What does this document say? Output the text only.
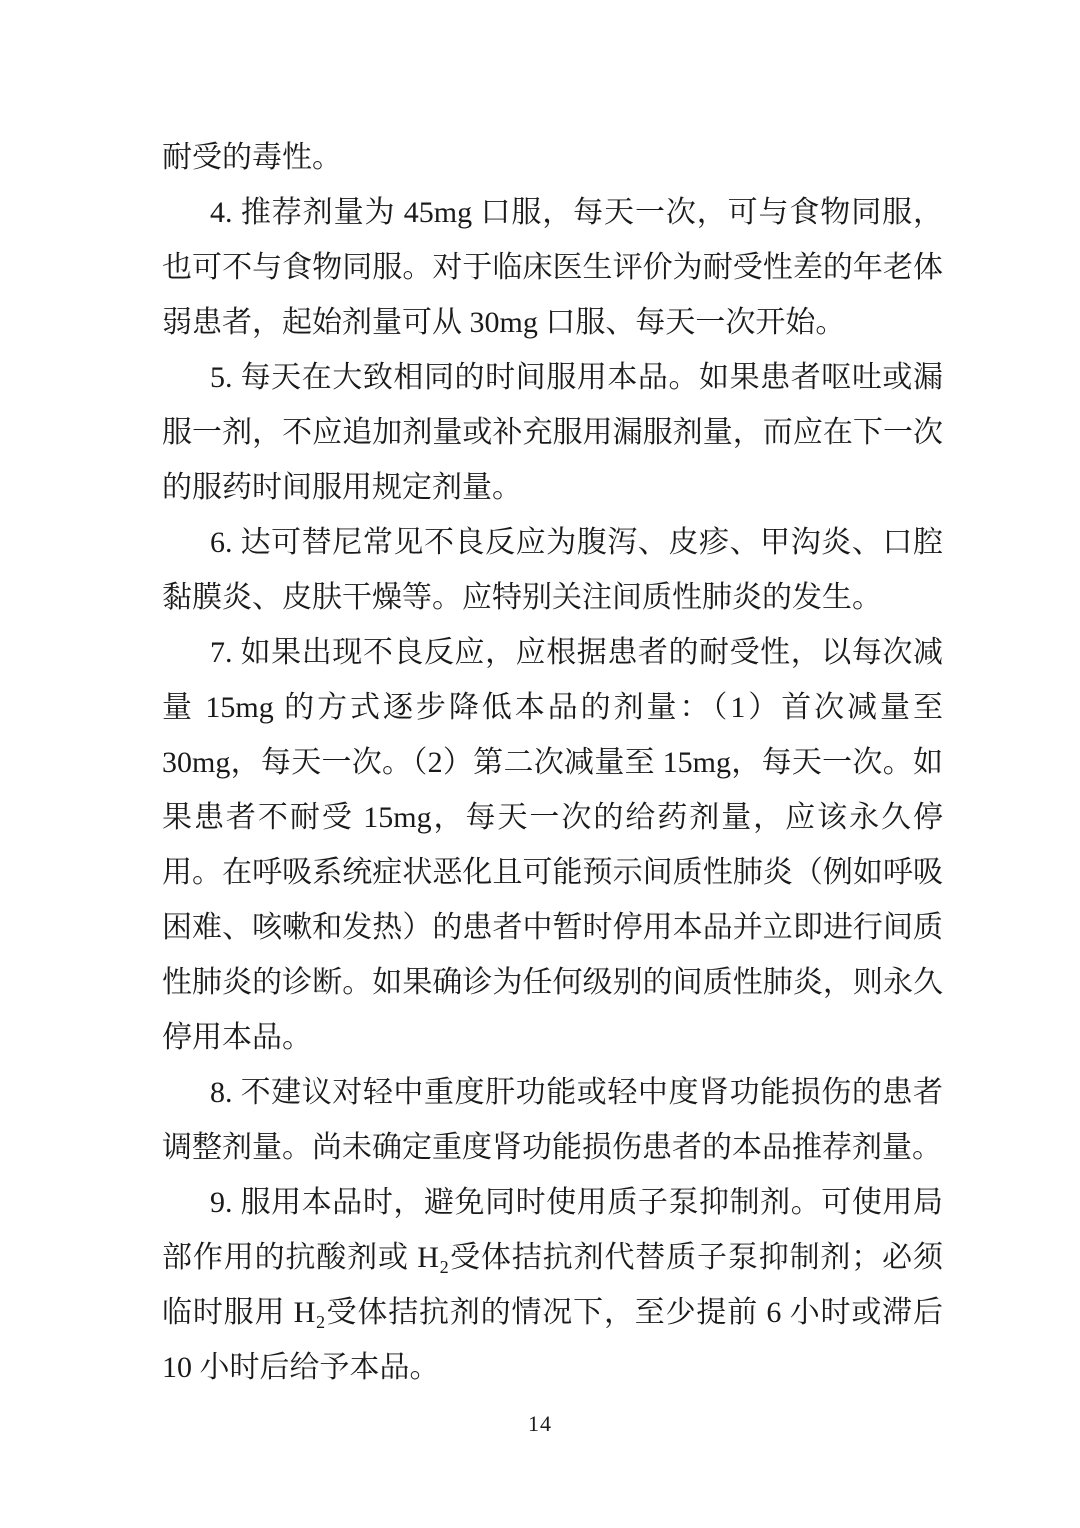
耐受的毒性。

4. 推荐剂量为 45mg 口服，每天一次，可与食物同服，也可不与食物同服。对于临床医生评价为耐受性差的年老体弱患者，起始剂量可从 30mg 口服、每天一次开始。

5. 每天在大致相同的时间服用本品。如果患者呕吐或漏服一剂，不应追加剂量或补充服用漏服剂量，而应在下一次的服药时间服用规定剂量。

6. 达可替尼常见不良反应为腹泻、皮疹、甲沟炎、口腔黏膜炎、皮肤干燥等。应特别关注间质性肺炎的发生。

7. 如果出现不良反应，应根据患者的耐受性，以每次减量 15mg 的方式逐步降低本品的剂量：（1）首次减量至 30mg，每天一次。（2）第二次减量至 15mg，每天一次。如果患者不耐受 15mg，每天一次的给药剂量，应该永久停用。在呼吸系统症状恶化且可能预示间质性肺炎（例如呼吸困难、咳嗽和发热）的患者中暂时停用本品并立即进行间质性肺炎的诊断。如果确诊为任何级别的间质性肺炎，则永久停用本品。

8. 不建议对轻中重度肝功能或轻中度肾功能损伤的患者调整剂量。尚未确定重度肾功能损伤患者的本品推荐剂量。

9. 服用本品时，避免同时使用质子泵抑制剂。可使用局部作用的抗酸剂或 H₂受体拮抗剂代替质子泵抑制剂；必须临时服用 H₂受体拮抗剂的情况下，至少提前 6 小时或滞后 10 小时后给予本品。

14
